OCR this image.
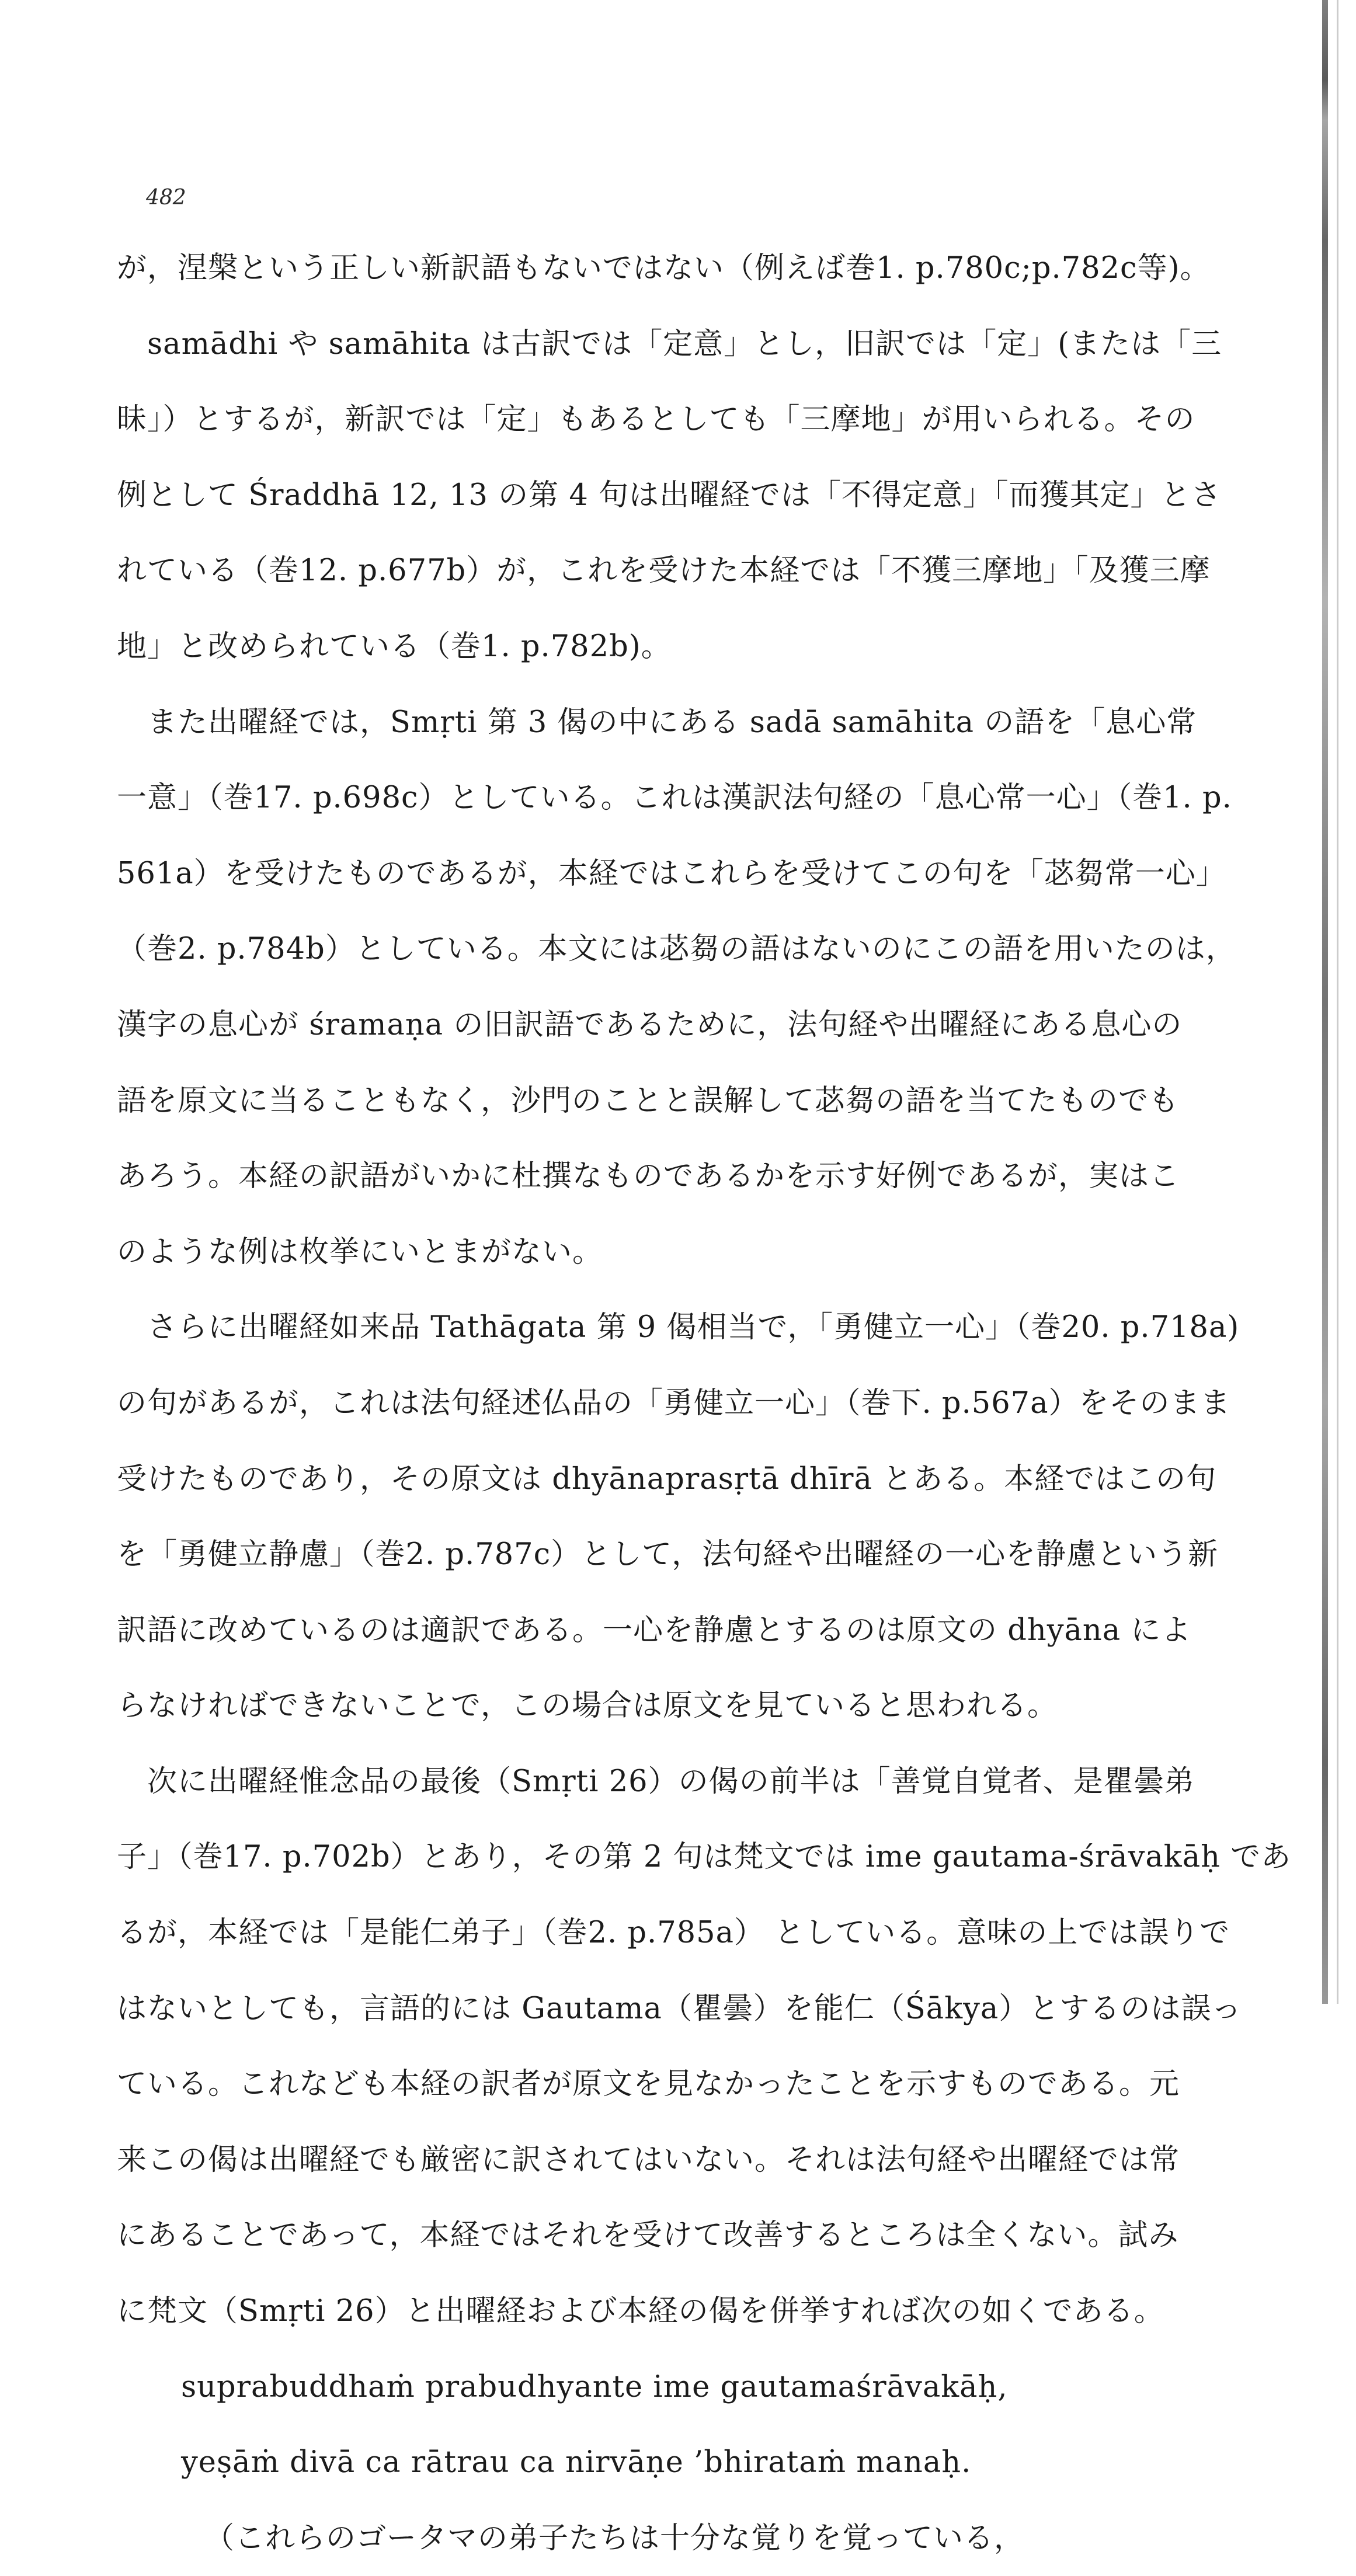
482
が，涅槃という正しい新訳語もないではない（例えば巻1. p.780c;p.782c等)。
samādhi や samāhita は古訳では「定意」とし，旧訳では「定」(または「三
昧」）とするが，新訳では「定」もあるとしても「三摩地」が用いられる。その
例として Śraddhā 12, 13 の第 4 句は出曜経では「不得定意」「而獲其定」とさ
れている（巻12. p.677b）が，これを受けた本経では「不獲三摩地」「及獲三摩
地」と改められている（巻1. p.782b)。
また出曜経では，Smṛti 第 3 偈の中にある sadā samāhita の語を「息心常
一意」（巻17. p.698c）としている。これは漢訳法句経の「息心常一心」（巻1. p.
561a）を受けたものであるが，本経ではこれらを受けてこの句を「苾芻常一心」
（巻2. p.784b）としている。本文には苾芻の語はないのにこの語を用いたのは，
漢字の息心が śramaṇa の旧訳語であるために，法句経や出曜経にある息心の
語を原文に当ることもなく，沙門のことと誤解して苾芻の語を当てたものでも
あろう。本経の訳語がいかに杜撰なものであるかを示す好例であるが，実はこ
のような例は枚挙にいとまがない。
さらに出曜経如来品 Tathāgata 第 9 偈相当で，「勇健立一心」（巻20. p.718a)
の句があるが，これは法句経述仏品の「勇健立一心」（巻下. p.567a）をそのまま
受けたものであり，その原文は dhyānaprasṛtā dhīrā とある。本経ではこの句
を「勇健立静慮」（巻2. p.787c）として，法句経や出曜経の一心を静慮という新
訳語に改めているのは適訳である。一心を静慮とするのは原文の dhyāna によ
らなければできないことで，この場合は原文を見ていると思われる。
次に出曜経惟念品の最後（Smṛti 26）の偈の前半は「善覚自覚者、是瞿曇弟
子」（巻17. p.702b）とあり，その第 2 句は梵文では ime gautama-śrāvakāḥ であ
るが，本経では「是能仁弟子」（巻2. p.785a） としている。意味の上では誤りで
はないとしても，言語的には Gautama（瞿曇）を能仁（Śākya）とするのは誤っ
ている。これなども本経の訳者が原文を見なかったことを示すものである。元
来この偈は出曜経でも厳密に訳されてはいない。それは法句経や出曜経では常
にあることであって，本経ではそれを受けて改善するところは全くない。試み
に梵文（Smṛti 26）と出曜経および本経の偈を併挙すれば次の如くである。
suprabuddhaṁ prabudhyante ime gautamaśrāvakāḥ,
yeṣāṁ divā ca rātrau ca nirvāṇe ’bhirataṁ manaḥ.
（これらのゴータマの弟子たちは十分な覚りを覚っている，
